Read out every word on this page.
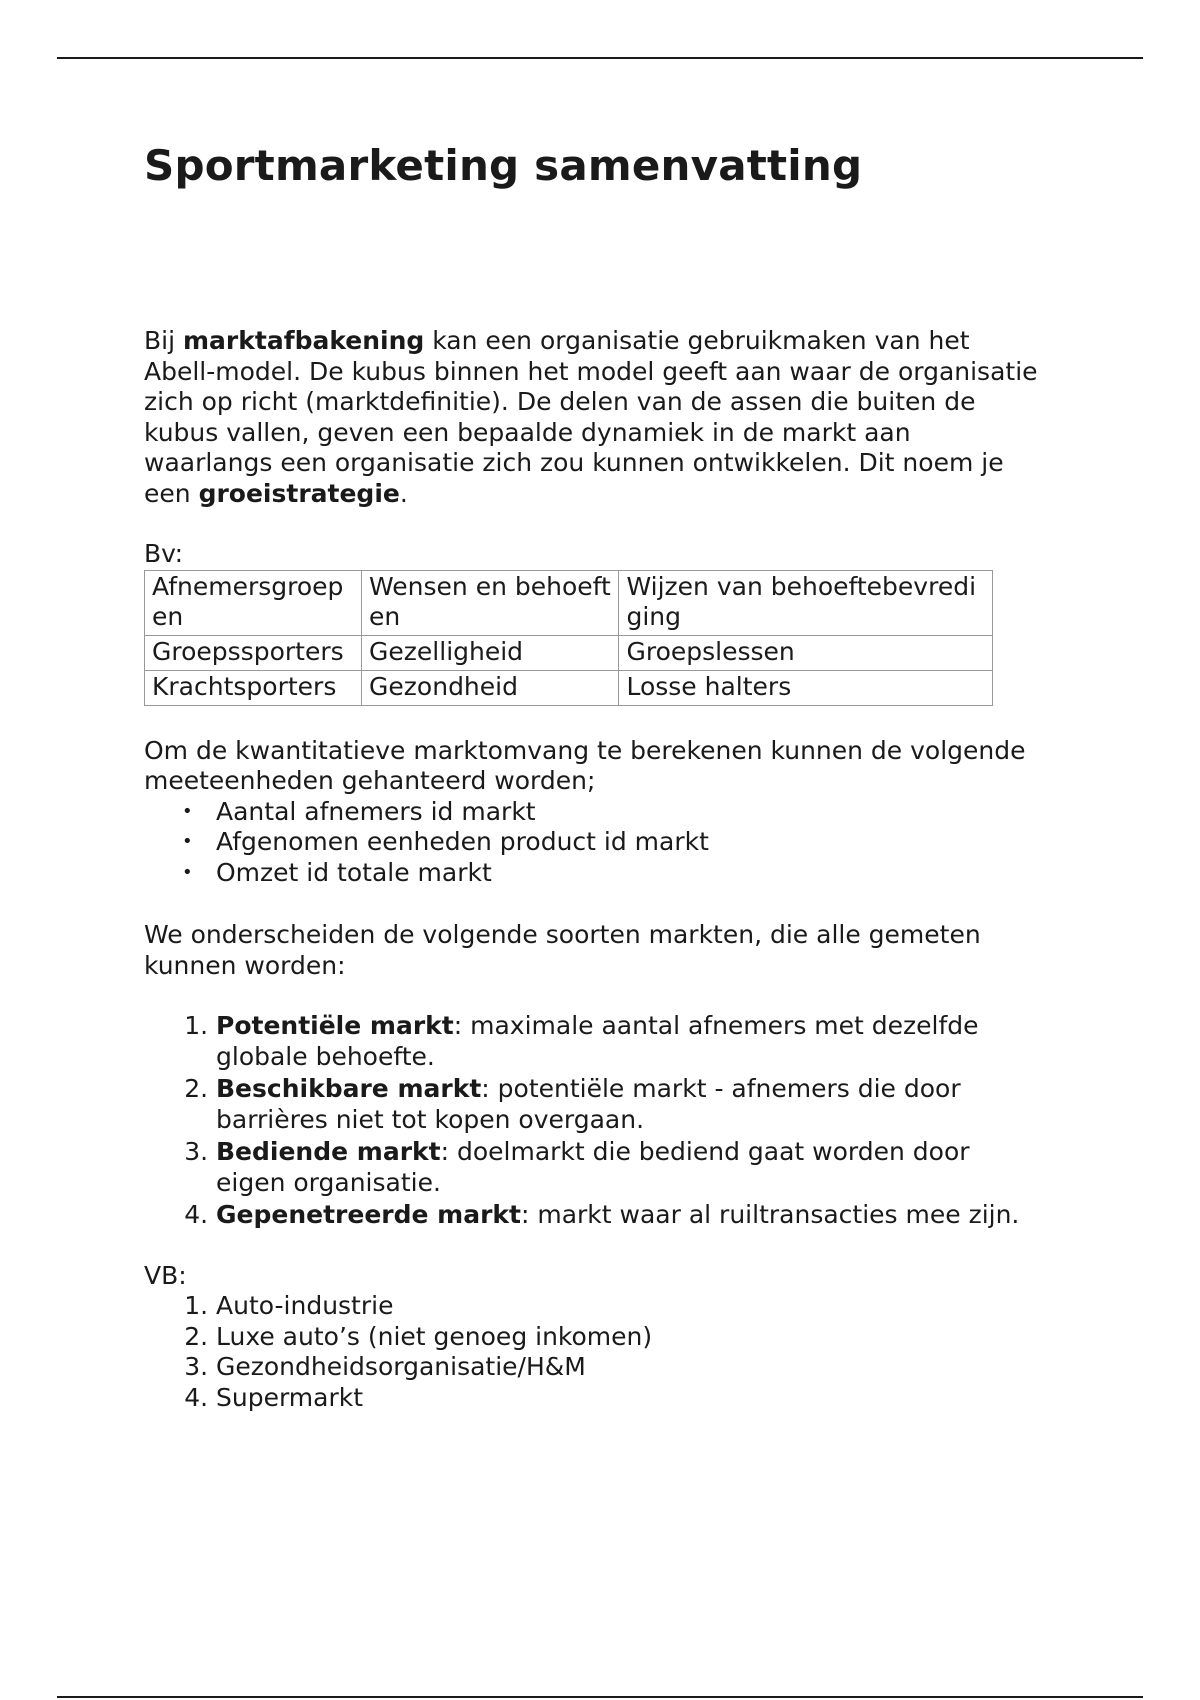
Sportmarketing samenvatting

Bij marktafbakening kan een organisatie gebruikmaken van het Abell-model. De kubus binnen het model geeft aan waar de organisatie zich op richt (marktdefinitie). De delen van de assen die buiten de kubus vallen, geven een bepaalde dynamiek in de markt aan waarlangs een organisatie zich zou kunnen ontwikkelen. Dit noem je een groeistrategie.

Bv:

Afnemersgroepen	Wensen en behoeften	Wijzen van behoeftebevrediging
Groepssporters	Gezelligheid	Groepslessen
Krachtsporters	Gezondheid	Losse halters

Om de kwantitatieve marktomvang te berekenen kunnen de volgende meeteenheden gehanteerd worden;

• Aantal afnemers id markt
• Afgenomen eenheden product id markt
• Omzet id totale markt

We onderscheiden de volgende soorten markten, die alle gemeten kunnen worden:

1. Potentiële markt: maximale aantal afnemers met dezelfde globale behoefte.
2. Beschikbare markt: potentiële markt - afnemers die door barrières niet tot kopen overgaan.
3. Bediende markt: doelmarkt die bediend gaat worden door eigen organisatie.
4. Gepenetreerde markt: markt waar al ruiltransacties mee zijn.

VB:

1. Auto-industrie
2. Luxe auto’s (niet genoeg inkomen)
3. Gezondheidsorganisatie/H&M
4. Supermarkt
